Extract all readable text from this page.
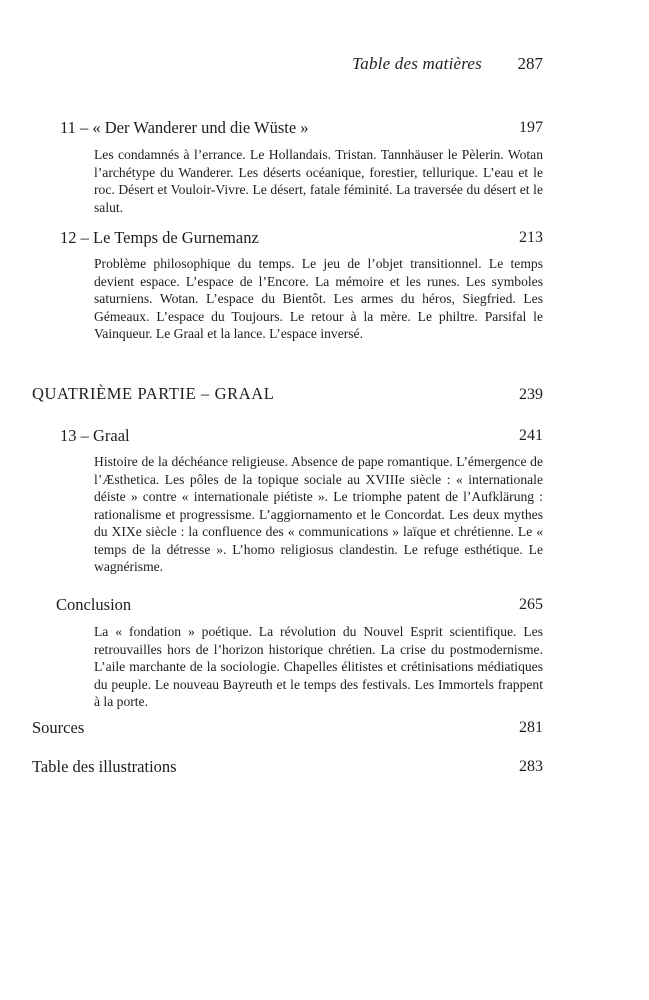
Table des matières 287
11 – « Der Wanderer und die Wüste »	197
Les condamnés à l’errance. Le Hollandais. Tristan. Tannhäuser le Pèlerin. Wotan l’archétype du Wanderer. Les déserts océanique, forestier, tellurique. L’eau et le roc. Désert et Vouloir-Vivre. Le désert, fatale féminité. La traversée du désert et le salut.
12 – Le Temps de Gurnemanz	213
Problème philosophique du temps. Le jeu de l’objet transitionnel. Le temps devient espace. L’espace de l’Encore. La mémoire et les runes. Les symboles saturniens. Wotan. L’espace du Bientôt. Les armes du héros, Siegfried. Les Gémeaux. L’espace du Toujours. Le retour à la mère. Le philtre. Parsifal le Vainqueur. Le Graal et la lance. L’espace inversé.
QUATRIÈME PARTIE – GRAAL	239
13 – Graal	241
Histoire de la déchéance religieuse. Absence de pape romantique. L’émergence de l’Æsthetica. Les pôles de la topique sociale au XVIIIe siècle : « internationale déiste » contre « internationale piétiste ». Le triomphe patent de l’Aufklärung : rationalisme et progressisme. L’aggiornamento et le Concordat. Les deux mythes du XIXe siècle : la confluence des « communications » laïque et chrétienne. Le « temps de la détresse ». L’homo religiosus clandestin. Le refuge esthétique. Le wagnérisme.
Conclusion	265
La « fondation » poétique. La révolution du Nouvel Esprit scientifique. Les retrouvailles hors de l’horizon historique chrétien. La crise du postmodernisme. L’aile marchante de la sociologie. Chapelles élitistes et crétinisations médiatiques du peuple. Le nouveau Bayreuth et le temps des festivals. Les Immortels frappent à la porte.
Sources	281
Table des illustrations	283
